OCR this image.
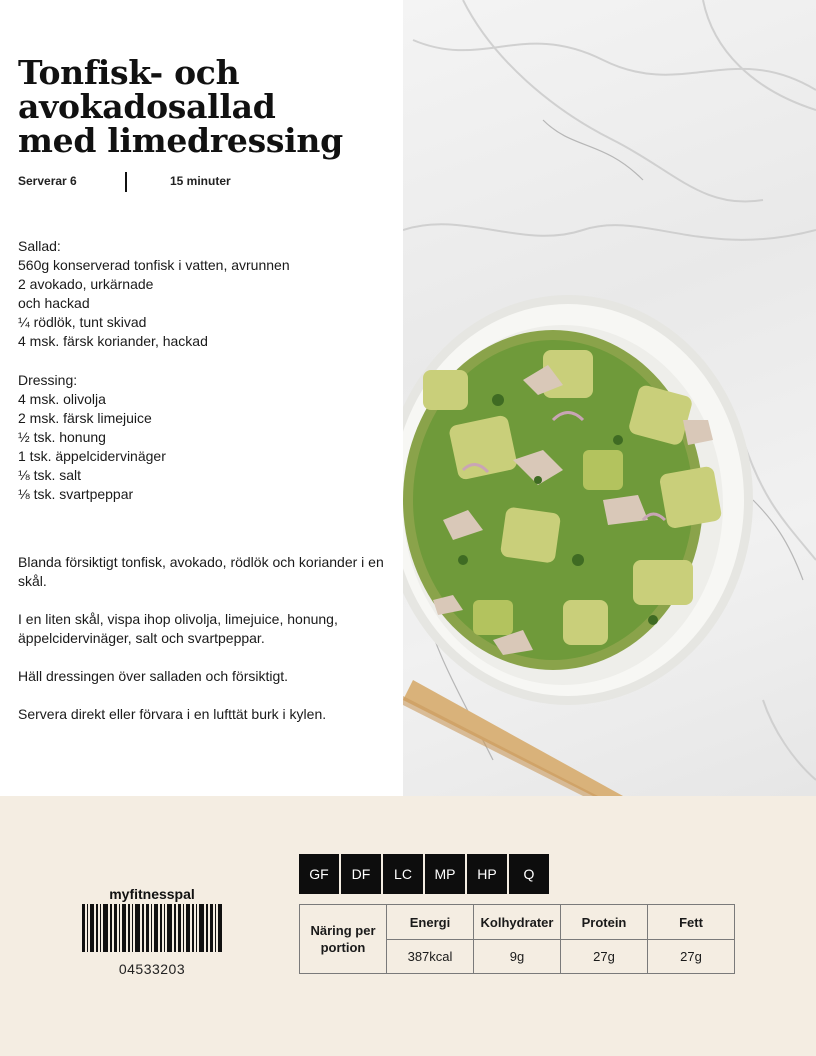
Tonfisk- och
avokadosallad
med limedressing
Serverar 6	15 minuter
Sallad:
560g konserverad tonfisk i vatten, avrunnen
2 avokado, urkärnade
och hackad
¼ rödlök, tunt skivad
4 msk. färsk koriander, hackad
Dressing:
4 msk. olivolja
2 msk. färsk limejuice
½ tsk. honung
1 tsk. äppelcidervinäger
⅛ tsk. salt
⅛ tsk. svartpeppar

Blanda försiktigt tonfisk, avokado, rödlök och koriander i en skål.

I en liten skål, vispa ihop olivolja, limejuice, honung, äppelcidervinäger, salt och svartpeppar.

Häll dressingen över salladen och försiktigt.

Servera direkt eller förvara i en lufttät burk i kylen.

myfitnesspal
04533203
GF	DF	LC	MP	HP	Q
Näring per portion	Energi	Kolhydrater	Protein	Fett
	387kcal	9g	27g	27g
